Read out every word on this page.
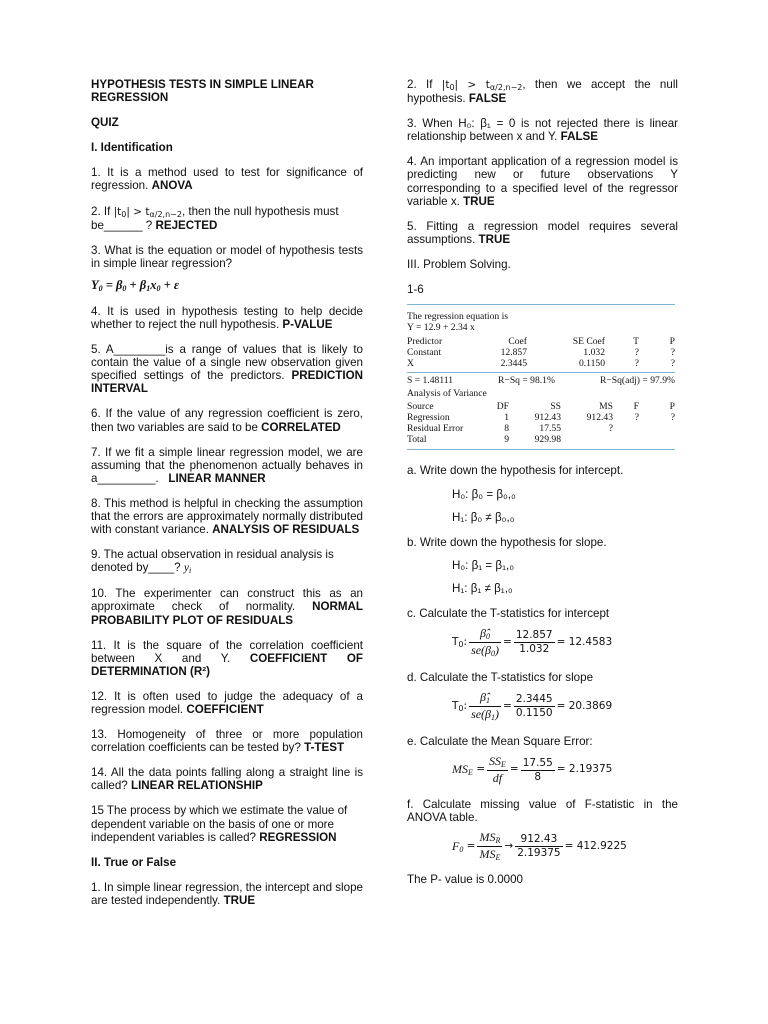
HYPOTHESIS TESTS IN SIMPLE LINEAR REGRESSION

QUIZ

I. Identification

1. It is a method used to test for significance of regression. ANOVA

2. If $|t_0| > t_{\alpha/2,n-2}$, then the null hypothesis must be______ ? REJECTED

3. What is the equation or model of hypothesis tests in simple linear regression?

$Y_0 = \beta_0 + \beta_1x_0 + \varepsilon$

4. It is used in hypothesis testing to help decide whether to reject the null hypothesis. P-VALUE

5. A________is a range of values that is likely to contain the value of a single new observation given specified settings of the predictors. PREDICTION INTERVAL

6. If the value of any regression coefficient is zero, then two variables are said to be CORRELATED

7. If we fit a simple linear regression model, we are assuming that the phenomenon actually behaves in a_________. LINEAR MANNER

8. This method is helpful in checking the assumption that the errors are approximately normally distributed with constant variance. ANALYSIS OF RESIDUALS

9. The actual observation in residual analysis is denoted by____? $y_i$

10. The experimenter can construct this as an approximate check of normality. NORMAL PROBABILITY PLOT OF RESIDUALS

11. It is the square of the correlation coefficient between X and Y. COEFFICIENT OF DETERMINATION (R²)

12. It is often used to judge the adequacy of a regression model. COEFFICIENT

13. Homogeneity of three or more population correlation coefficients can be tested by? T-TEST

14. All the data points falling along a straight line is called? LINEAR RELATIONSHIP

15 The process by which we estimate the value of dependent variable on the basis of one or more independent variables is called? REGRESSION

II. True or False

1. In simple linear regression, the intercept and slope are tested independently. TRUE

2. If $|t_0| > t_{\alpha/2,n-2}$, then we accept the null hypothesis. FALSE

3. When H₀: β₁ = 0 is not rejected there is linear relationship between x and Y. FALSE

4. An important application of a regression model is predicting new or future observations Y corresponding to a specified level of the regressor variable x. TRUE

5. Fitting a regression model requires several assumptions. TRUE

III. Problem Solving.

1-6

The regression equation is
Y = 12.9 + 2.34 x
Predictor	Coef	SE Coef	T	P
Constant	12.857	1.032	?	?
X	2.3445	0.1150	?	?
S = 1.48111	R−Sq = 98.1%	R−Sq(adj) = 97.9%
Analysis of Variance
Source	DF	SS	MS	F	P
Regression	1	912.43	912.43	?	?
Residual Error	8	17.55	?		
Total	9	929.98			

a. Write down the hypothesis for intercept.

H₀: β₀ = β₀,₀

H₁: β₀ ≠ β₀,₀

b. Write down the hypothesis for slope.

H₀: β₁ = β₁,₀

H₁: β₁ ≠ β₁,₀

c. Calculate the T-statistics for intercept

$T_0$: $\frac{\betâ_0}{se(\beta_0)} = \frac{12.857}{1.032} = 12.4583$

d. Calculate the T-statistics for slope

$T_0$: $\frac{\betâ_1}{se(\beta_1)} = \frac{2.3445}{0.1150} = 20.3869$

e. Calculate the Mean Square Error:

$MS_E = \frac{SS_E}{df} = \frac{17.55}{8} = 2.19375$

f. Calculate missing value of F-statistic in the ANOVA table.

$F_0 = \frac{MS_R}{MS_E} \to \frac{912.43}{2.19375} = 412.9225$

The P- value is 0.0000
